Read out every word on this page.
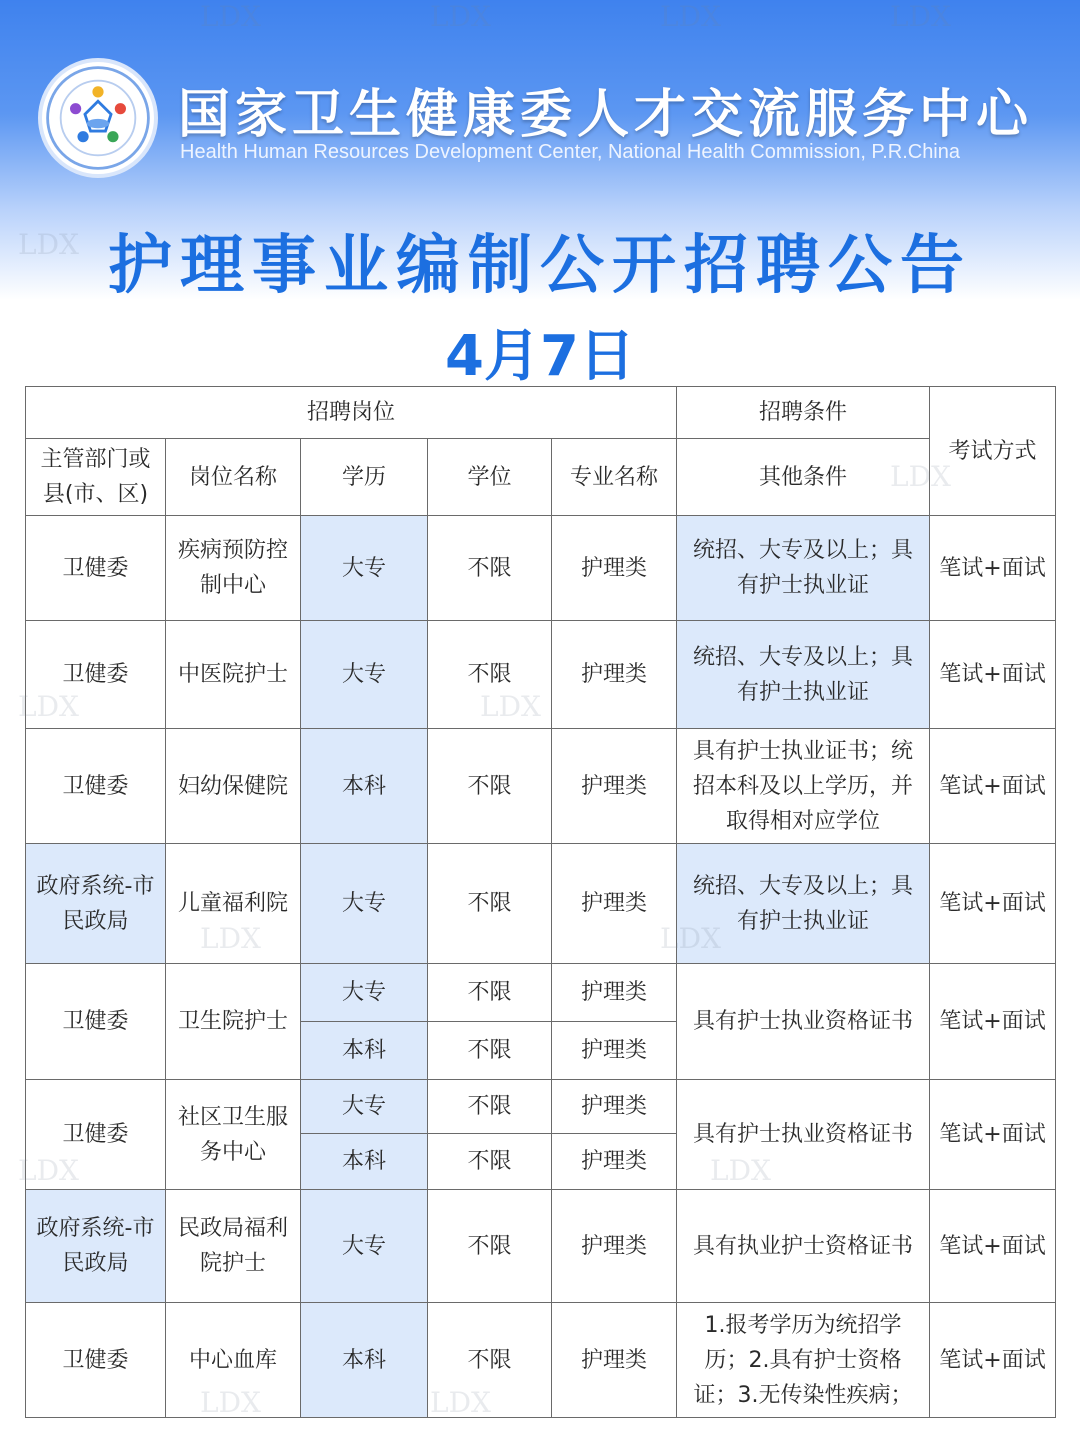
国家卫生健康委人才交流服务中心
Health Human Resources Development Center, National Health Commission, P.R.China
护理事业编制公开招聘公告
4月7日
招聘岗位					招聘条件	考试方式
主管部门或县(市、区)	岗位名称	学历	学位	专业名称	其他条件	
卫健委	疾病预防控制中心	大专	不限	护理类	统招、大专及以上；具有护士执业证	笔试+面试
卫健委	中医院护士	大专	不限	护理类	统招、大专及以上；具有护士执业证	笔试+面试
卫健委	妇幼保健院	本科	不限	护理类	具有护士执业证书；统招本科及以上学历，并取得相对应学位	笔试+面试
政府系统-市民政局	儿童福利院	大专	不限	护理类	统招、大专及以上；具有护士执业证	笔试+面试
卫健委	卫生院护士	大专	不限	护理类	具有护士执业资格证书	笔试+面试
		本科	不限	护理类		
卫健委	社区卫生服务中心	大专	不限	护理类	具有护士执业资格证书	笔试+面试
		本科	不限	护理类		
政府系统-市民政局	民政局福利院护士	大专	不限	护理类	具有执业护士资格证书	笔试+面试
卫健委	中心血库	本科	不限	护理类	1.报考学历为统招学历；2.具有护士资格证；3.无传染性疾病；	笔试+面试
LDX
LDX	LDX
LDX
LDX	LDX
LDX	LDX
